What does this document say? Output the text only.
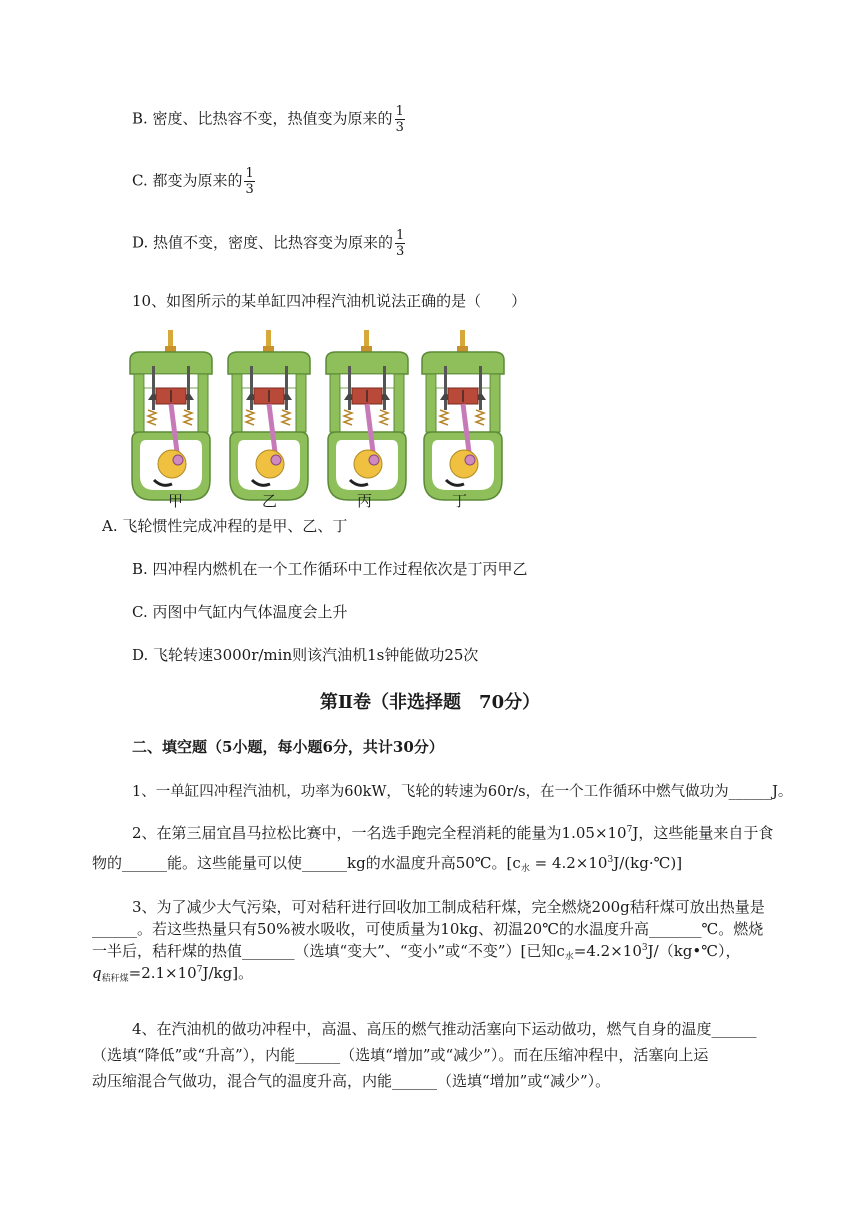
B. 密度、比热容不变，热值变为原来的 $\frac{1}{3}$
C. 都变为原来的 $\frac{1}{3}$
D. 热值不变，密度、比热容变为原来的 $\frac{1}{3}$
10、如图所示的某单缸四冲程汽油机说法正确的是（　　）
甲	乙	丙	丁
A. 飞轮惯性完成冲程的是甲、乙、丁
B. 四冲程内燃机在一个工作循环中工作过程依次是丁丙甲乙
C. 丙图中气缸内气体温度会上升
D. 飞轮转速3000r/min则该汽油机1s钟能做功25次
第Ⅱ卷（非选择题　70分）
二、填空题（5小题，每小题6分，共计30分）
1、一单缸四冲程汽油机，功率为60kW，飞轮的转速为60r/s，在一个工作循环中燃气做功为______J。
2、在第三届宜昌马拉松比赛中，一名选手跑完全程消耗的能量为$1.05\times 10^7J$，这些能量来自于食
物的______能。这些能量可以使______kg的水温度升高50℃。[$c_水$ = $4.2\times 10^3J/(kg\cdot℃)$]
3、为了减少大气污染，可对秸秆进行回收加工制成秸秆煤，完全燃烧200g秸秆煤可放出热量是
______。若这些热量只有50%被水吸收，可使质量为10kg、初温20℃的水温度升高_______℃。燃烧
一半后，秸秆煤的热值_______（选填“变大”、“变小”或“不变”）[已知$c_水=4.2\times 10^3J/(kg•℃)$，
$q_{秸秆煤}=2.1\times 10^7J/kg$]。
4、在汽油机的做功冲程中，高温、高压的燃气推动活塞向下运动做功，燃气自身的温度______
（选填“降低”或“升高”），内能______（选填“增加”或“减少”）。而在压缩冲程中，活塞向上运
动压缩混合气做功，混合气的温度升高，内能______（选填“增加”或“减少”）。
